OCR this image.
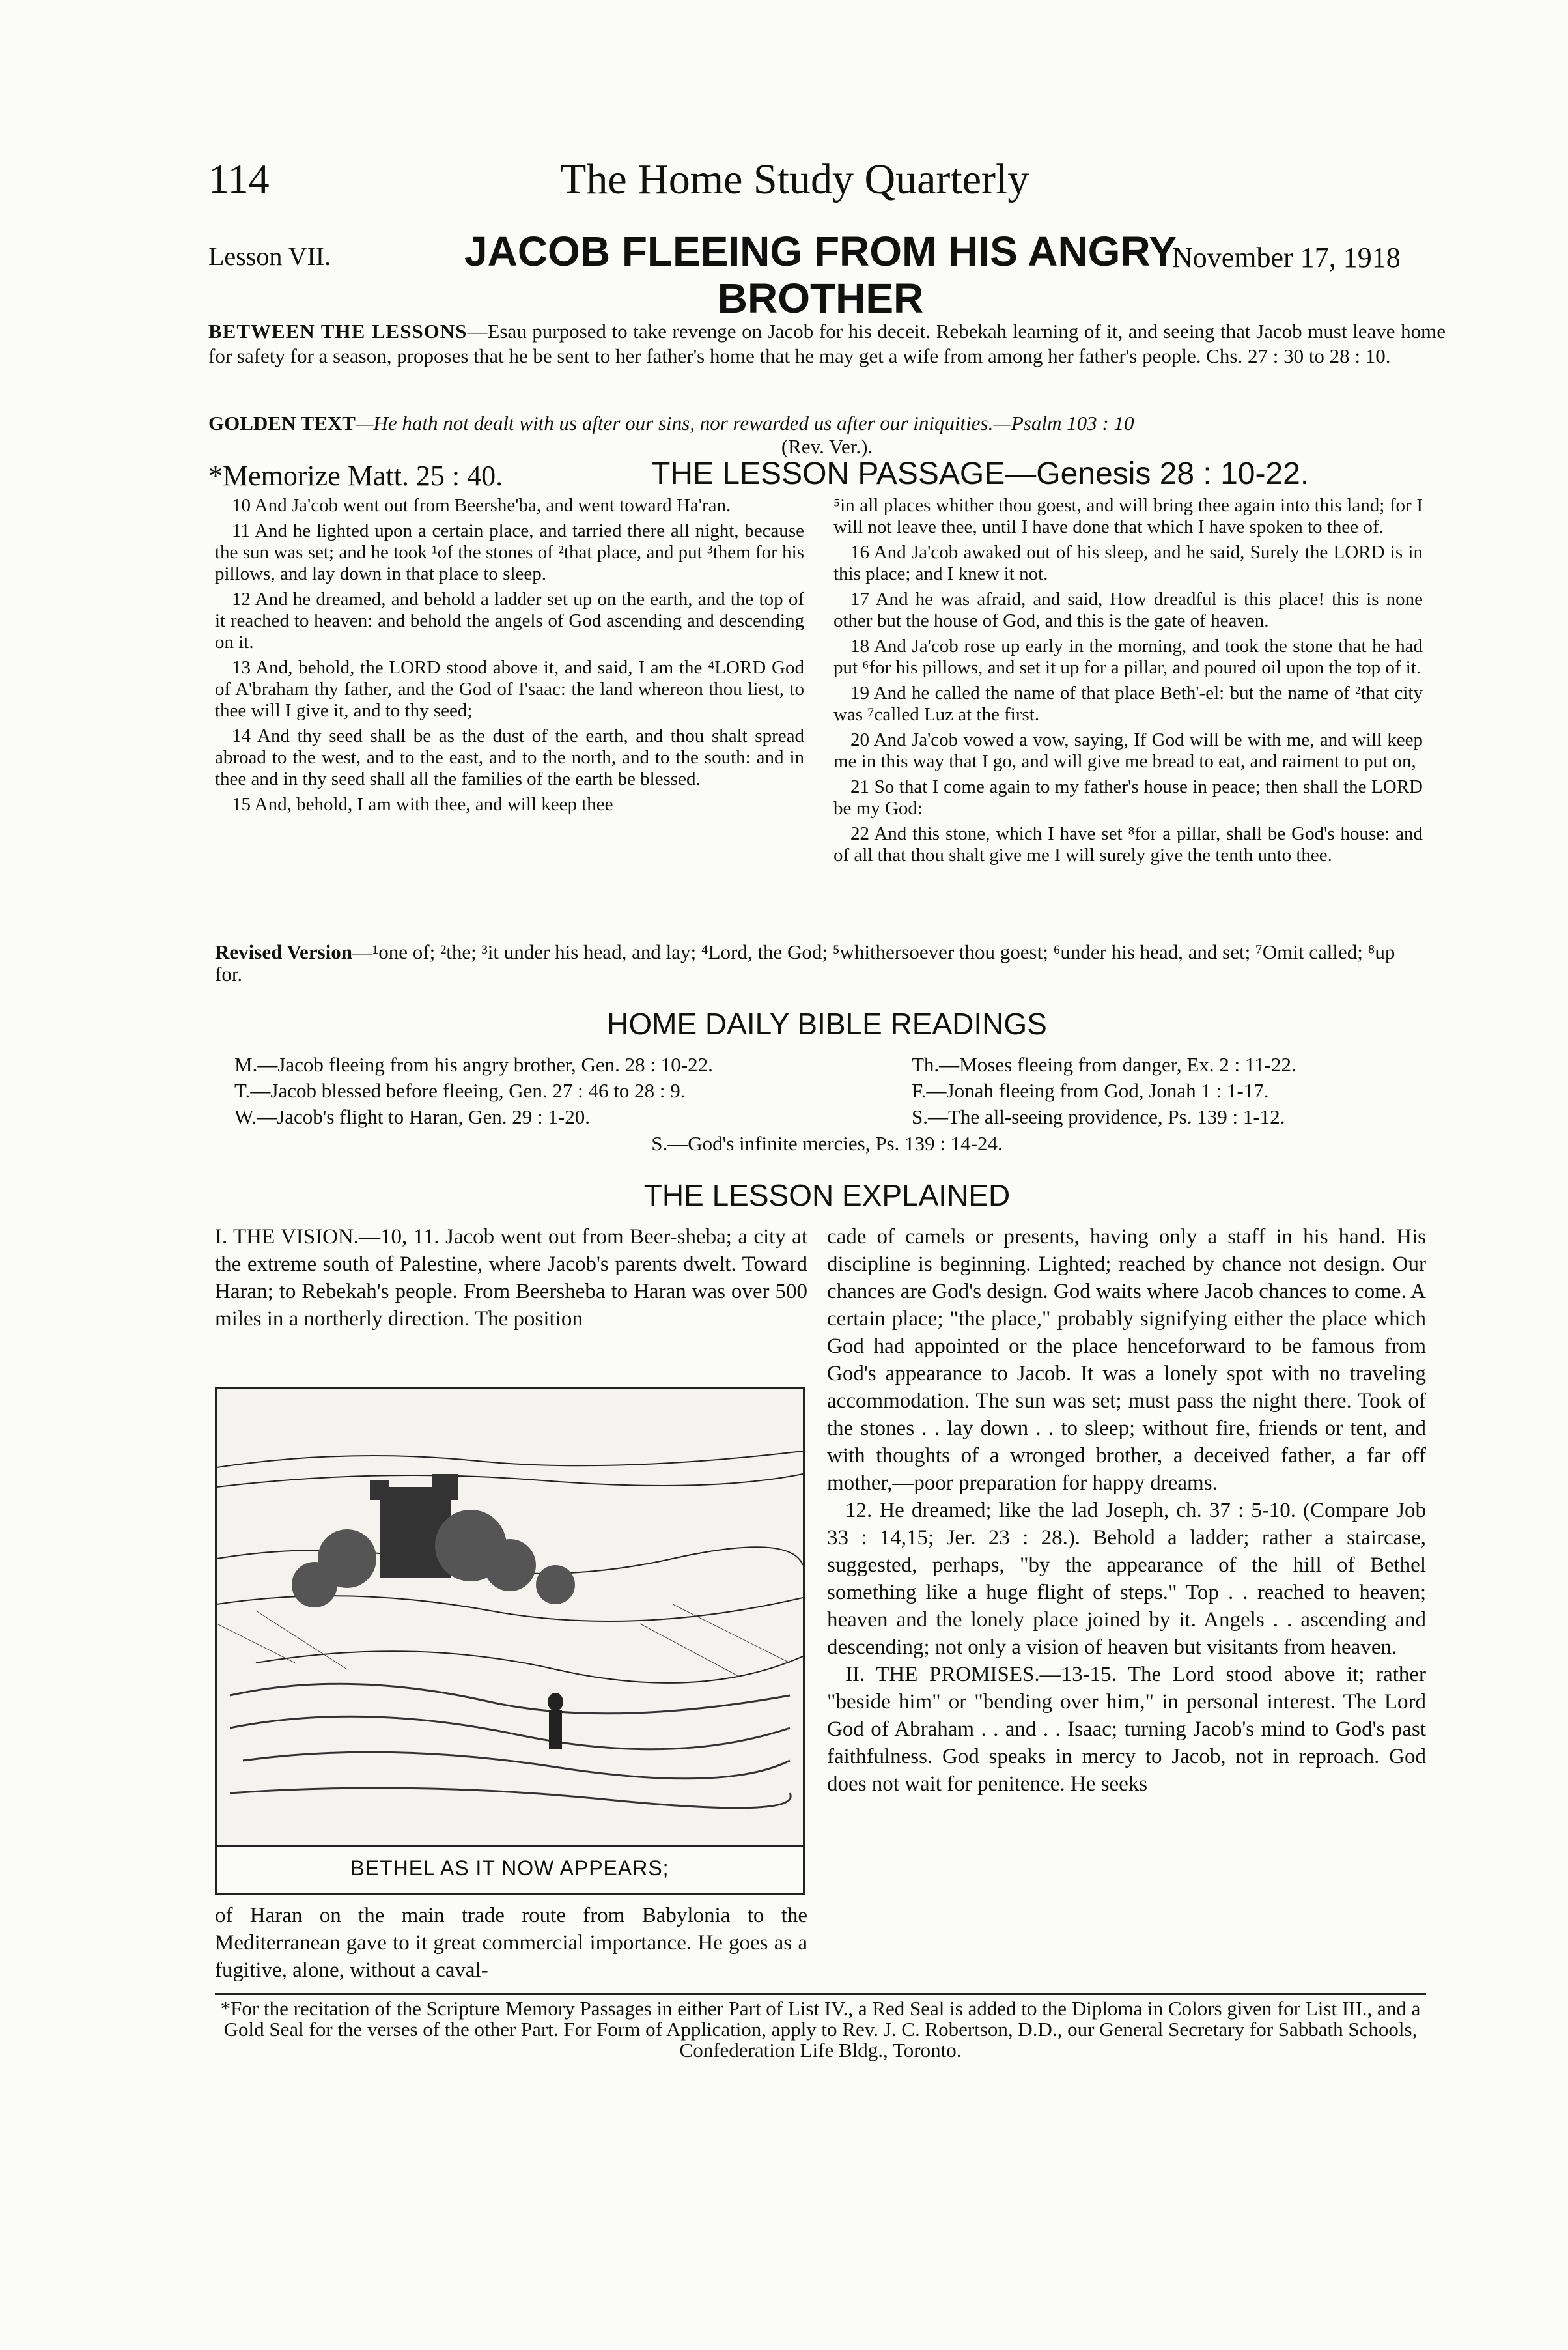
114	The Home Study Quarterly
Lesson VII.	JACOB FLEEING FROM HIS ANGRY BROTHER
November 17, 1918
BETWEEN THE LESSONS—Esau purposed to take revenge on Jacob for his deceit. Rebekah learning of it, and seeing that Jacob must leave home for safety for a season, proposes that he be sent to her father's home that he may get a wife from among her father's people. Chs. 27 : 30 to 28 : 10.
GOLDEN TEXT—He hath not dealt with us after our sins, nor rewarded us after our iniquities.—Psalm 103 : 10
(Rev. Ver.).
*Memorize Matt. 25 : 40.	THE LESSON PASSAGE—Genesis 28 : 10-22.

10 And Ja'cob went out from Beershe'ba, and went toward Ha'ran.

11 And he lighted upon a certain place, and tarried there all night, because the sun was set; and he took ¹of the stones of ²that place, and put ³them for his pillows, and lay down in that place to sleep.

12 And he dreamed, and behold a ladder set up on the earth, and the top of it reached to heaven: and behold the angels of God ascending and descending on it.

13 And, behold, the LORD stood above it, and said, I am the ⁴LORD God of A'braham thy father, and the God of I'saac: the land whereon thou liest, to thee will I give it, and to thy seed;

14 And thy seed shall be as the dust of the earth, and thou shalt spread abroad to the west, and to the east, and to the north, and to the south: and in thee and in thy seed shall all the families of the earth be blessed.

15 And, behold, I am with thee, and will keep thee

⁵in all places whither thou goest, and will bring thee again into this land; for I will not leave thee, until I have done that which I have spoken to thee of.

16 And Ja'cob awaked out of his sleep, and he said, Surely the LORD is in this place; and I knew it not.

17 And he was afraid, and said, How dreadful is this place! this is none other but the house of God, and this is the gate of heaven.

18 And Ja'cob rose up early in the morning, and took the stone that he had put ⁶for his pillows, and set it up for a pillar, and poured oil upon the top of it.

19 And he called the name of that place Beth'-el: but the name of ²that city was ⁷called Luz at the first.

20 And Ja'cob vowed a vow, saying, If God will be with me, and will keep me in this way that I go, and will give me bread to eat, and raiment to put on,

21 So that I come again to my father's house in peace; then shall the LORD be my God:

22 And this stone, which I have set ⁸for a pillar, shall be God's house: and of all that thou shalt give me I will surely give the tenth unto thee.

Revised Version—¹one of; ²the; ³it under his head, and lay; ⁴Lord, the God; ⁵whithersoever thou goest; ⁶under his head, and set; ⁷Omit called; ⁸up for.
HOME DAILY BIBLE READINGS
M.—Jacob fleeing from his angry brother, Gen. 28 : 10-22.
T.—Jacob blessed before fleeing, Gen. 27 : 46 to 28 : 9.
W.—Jacob's flight to Haran, Gen. 29 : 1-20.
Th.—Moses fleeing from danger, Ex. 2 : 11-22.
F.—Jonah fleeing from God, Jonah 1 : 1-17.
S.—The all-seeing providence, Ps. 139 : 1-12.
S.—God's infinite mercies, Ps. 139 : 14-24.
THE LESSON EXPLAINED

I. THE VISION.—10, 11. Jacob went out from Beer-sheba; a city at the extreme south of Palestine, where Jacob's parents dwelt. Toward Haran; to Rebekah's people. From Beersheba to Haran was over 500 miles in a northerly direction. The position

BETHEL AS IT NOW APPEARS;

of Haran on the main trade route from Babylonia to the Mediterranean gave to it great commercial importance. He goes as a fugitive, alone, without a caval-

cade of camels or presents, having only a staff in his hand. His discipline is beginning. Lighted; reached by chance not design. Our chances are God's design. God waits where Jacob chances to come. A certain place; "the place," probably signifying either the place which God had appointed or the place henceforward to be famous from God's appearance to Jacob. It was a lonely spot with no traveling accommodation. The sun was set; must pass the night there. Took of the stones . . lay down . . to sleep; without fire, friends or tent, and with thoughts of a wronged brother, a deceived father, a far off mother,—poor preparation for happy dreams.

12. He dreamed; like the lad Joseph, ch. 37 : 5-10. (Compare Job 33 : 14,15; Jer. 23 : 28.). Behold a ladder; rather a staircase, suggested, perhaps, "by the appearance of the hill of Bethel something like a huge flight of steps." Top . . reached to heaven; heaven and the lonely place joined by it. Angels . . ascending and descending; not only a vision of heaven but visitants from heaven.

II. THE PROMISES.—13-15. The Lord stood above it; rather "beside him" or "bending over him," in personal interest. The Lord God of Abraham . . and . . Isaac; turning Jacob's mind to God's past faithfulness. God speaks in mercy to Jacob, not in reproach. God does not wait for penitence. He seeks

*For the recitation of the Scripture Memory Passages in either Part of List IV., a Red Seal is added to the Diploma in Colors given for List III., and a Gold Seal for the verses of the other Part. For Form of Application, apply to Rev. J. C. Robertson, D.D., our General Secretary for Sabbath Schools, Confederation Life Bldg., Toronto.
